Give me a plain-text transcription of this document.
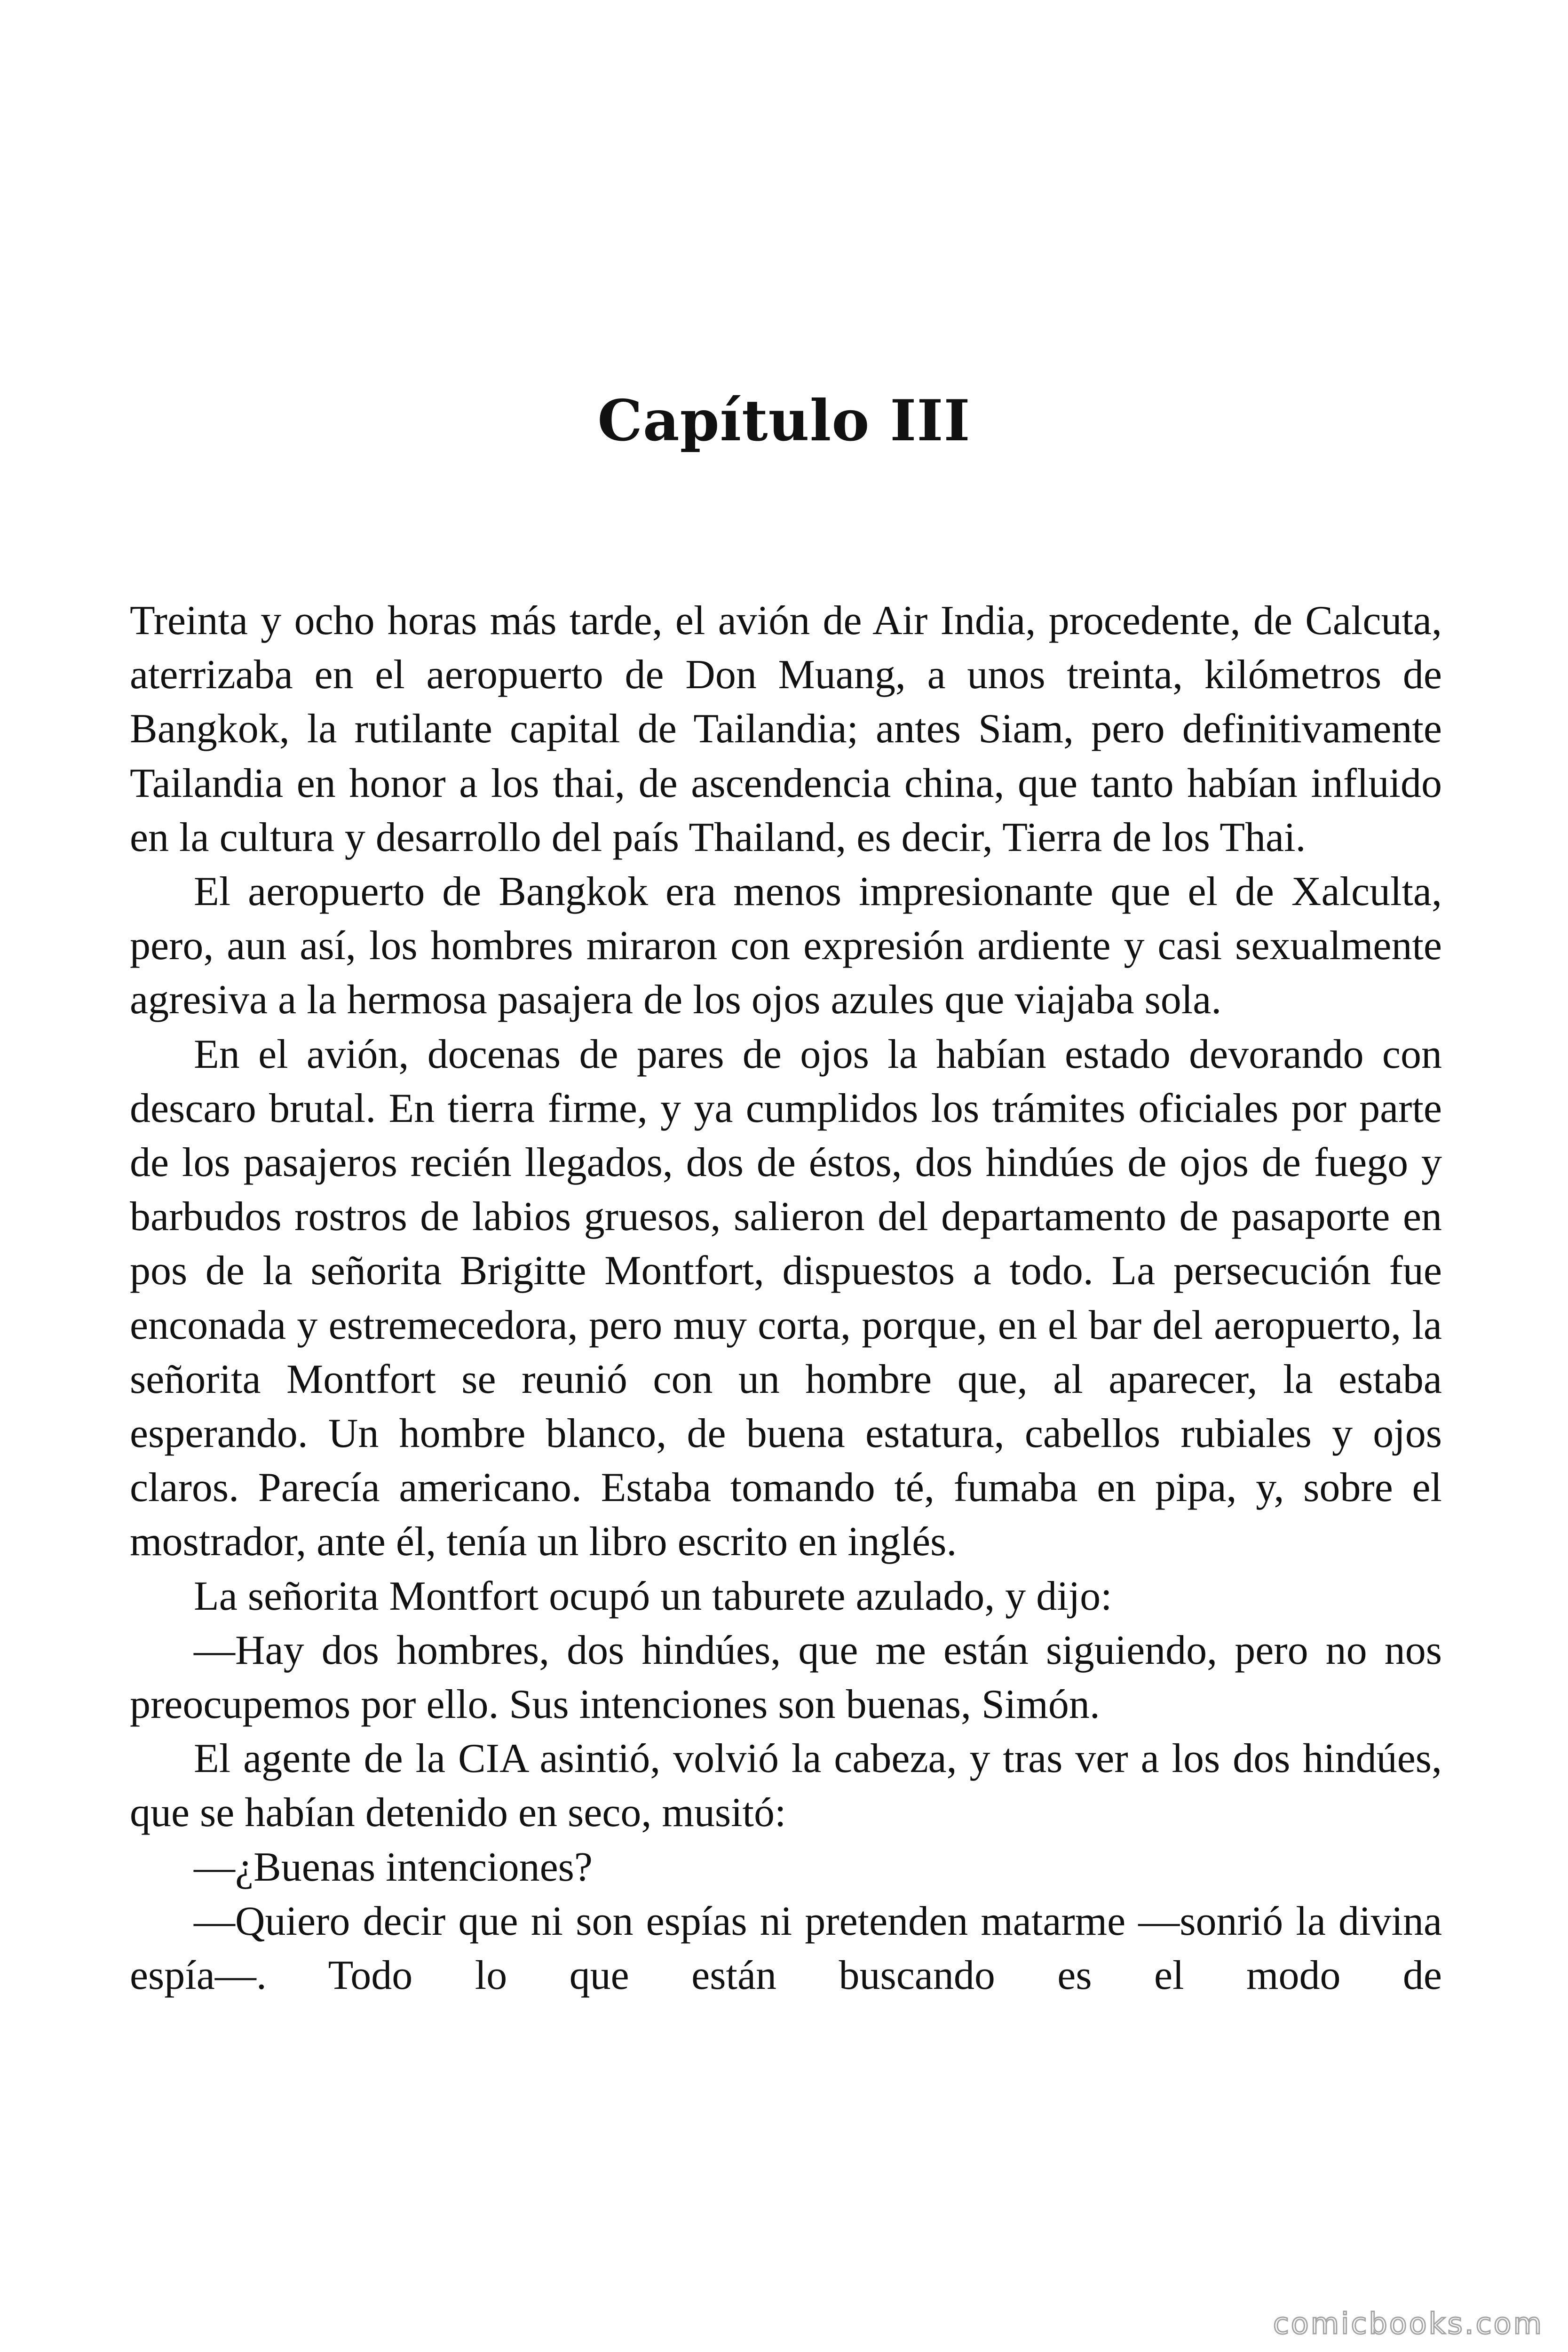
Capítulo III

Treinta y ocho horas más tarde, el avión de Air India, procedente, de Calcuta, aterrizaba en el aeropuerto de Don Muang, a unos treinta, kilómetros de Bangkok, la rutilante capital de Tailandia; antes Siam, pero definitivamente Tailandia en honor a los thai, de ascendencia china, que tanto habían influido en la cultura y desarrollo del país Thailand, es decir, Tierra de los Thai.

El aeropuerto de Bangkok era menos impresionante que el de Xalcultа, pero, aun así, los hombres miraron con expresión ardiente y casi sexualmente agresiva a la hermosa pasajera de los ojos azules que viajaba sola.

En el avión, docenas de pares de ojos la habían estado devorando con descaro brutal. En tierra firme, y ya cumplidos los trámites oficiales por parte de los pasajeros recién llegados, dos de éstos, dos hindúes de ojos de fuego y barbudos rostros de labios gruesos, salieron del departamento de pasaporte en pos de la señorita Brigitte Montfort, dispuestos a todo. La persecución fue enconada y estremecedora, pero muy corta, porque, en el bar del aeropuerto, la señorita Montfort se reunió con un hombre que, al aparecer, la estaba esperando. Un hombre blanco, de buena estatura, cabellos rubiales y ojos claros. Parecía americano. Estaba tomando té, fumaba en pipa, y, sobre el mostrador, ante él, tenía un libro escrito en inglés.

La señorita Montfort ocupó un taburete azulado, y dijo:

—Hay dos hombres, dos hindúes, que me están siguiendo, pero no nos preocupemos por ello. Sus intenciones son buenas, Simón.

El agente de la CIA asintió, volvió la cabeza, y tras ver a los dos hindúes, que se habían detenido en seco, musitó:

—¿Buenas intenciones?

—Quiero decir que ni son espías ni pretenden matarme —sonrió la divina espía—. Todo lo que están buscando es el modo de

comicbooks.com
